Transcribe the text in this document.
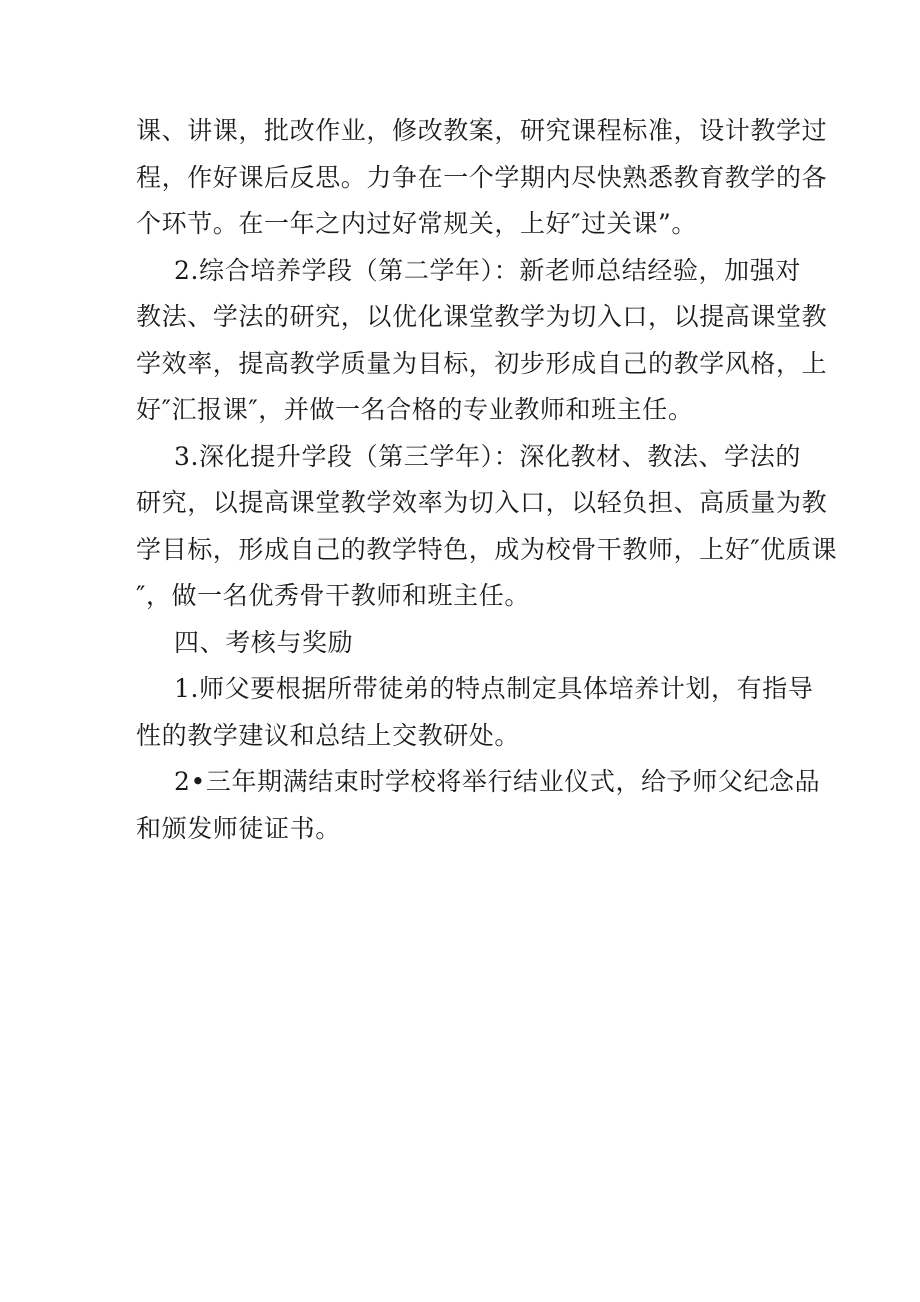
课、讲课，批改作业，修改教案，研究课程标准，设计教学过
程，作好课后反思。力争在一个学期内尽快熟悉教育教学的各
个环节。在一年之内过好常规关，上好″过关课”。

2.综合培养学段（第二学年）：新老师总结经验，加强对
教法、学法的研究，以优化课堂教学为切入口，以提高课堂教
学效率，提高教学质量为目标，初步形成自己的教学风格，上
好″汇报课″，并做一名合格的专业教师和班主任。

3.深化提升学段（第三学年）：深化教材、教法、学法的
研究，以提高课堂教学效率为切入口，以轻负担、高质量为教
学目标，形成自己的教学特色，成为校骨干教师，上好″优质课
″，做一名优秀骨干教师和班主任。

四、考核与奖励

1.师父要根据所带徒弟的特点制定具体培养计划，有指导
性的教学建议和总结上交教研处。

2•三年期满结束时学校将举行结业仪式，给予师父纪念品
和颁发师徒证书。
